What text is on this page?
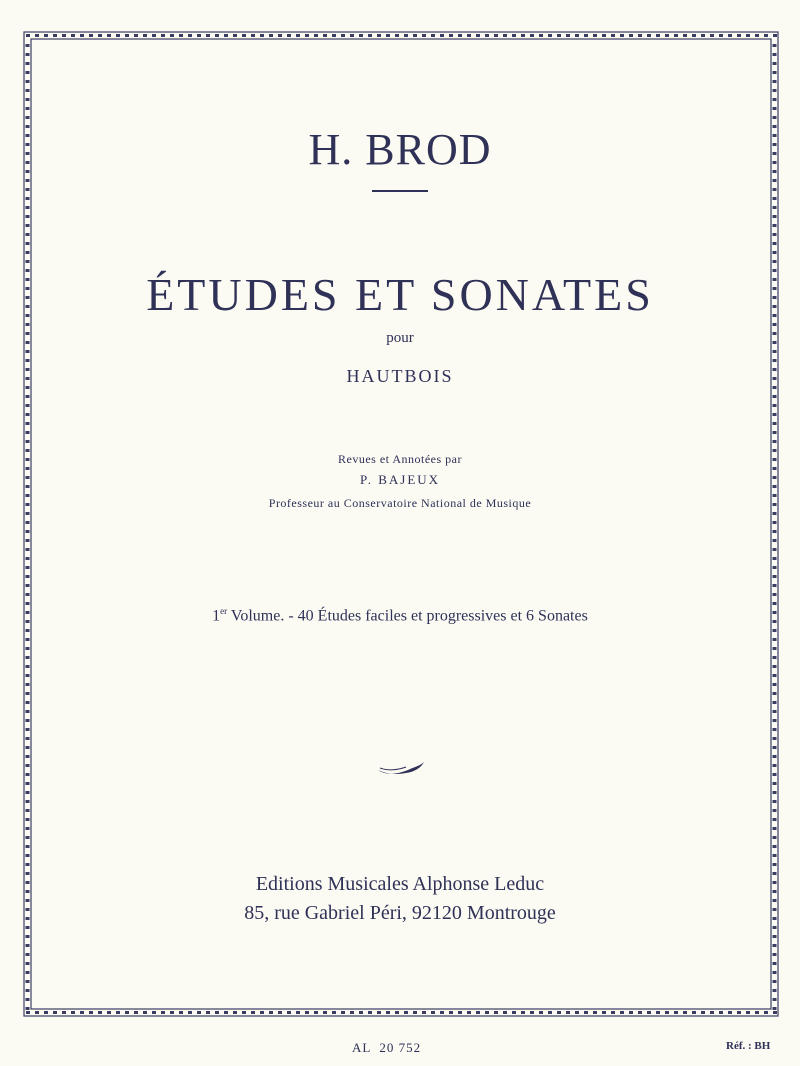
H. BROD
ÉTUDES ET SONATES
pour
HAUTBOIS
Revues et Annotées par
P. BAJEUX
Professeur au Conservatoire National de Musique
1er Volume. - 40 Études faciles et progressives et 6 Sonates
Editions Musicales Alphonse Leduc
85, rue Gabriel Péri, 92120 Montrouge
AL  20 752	Réf. : BH
